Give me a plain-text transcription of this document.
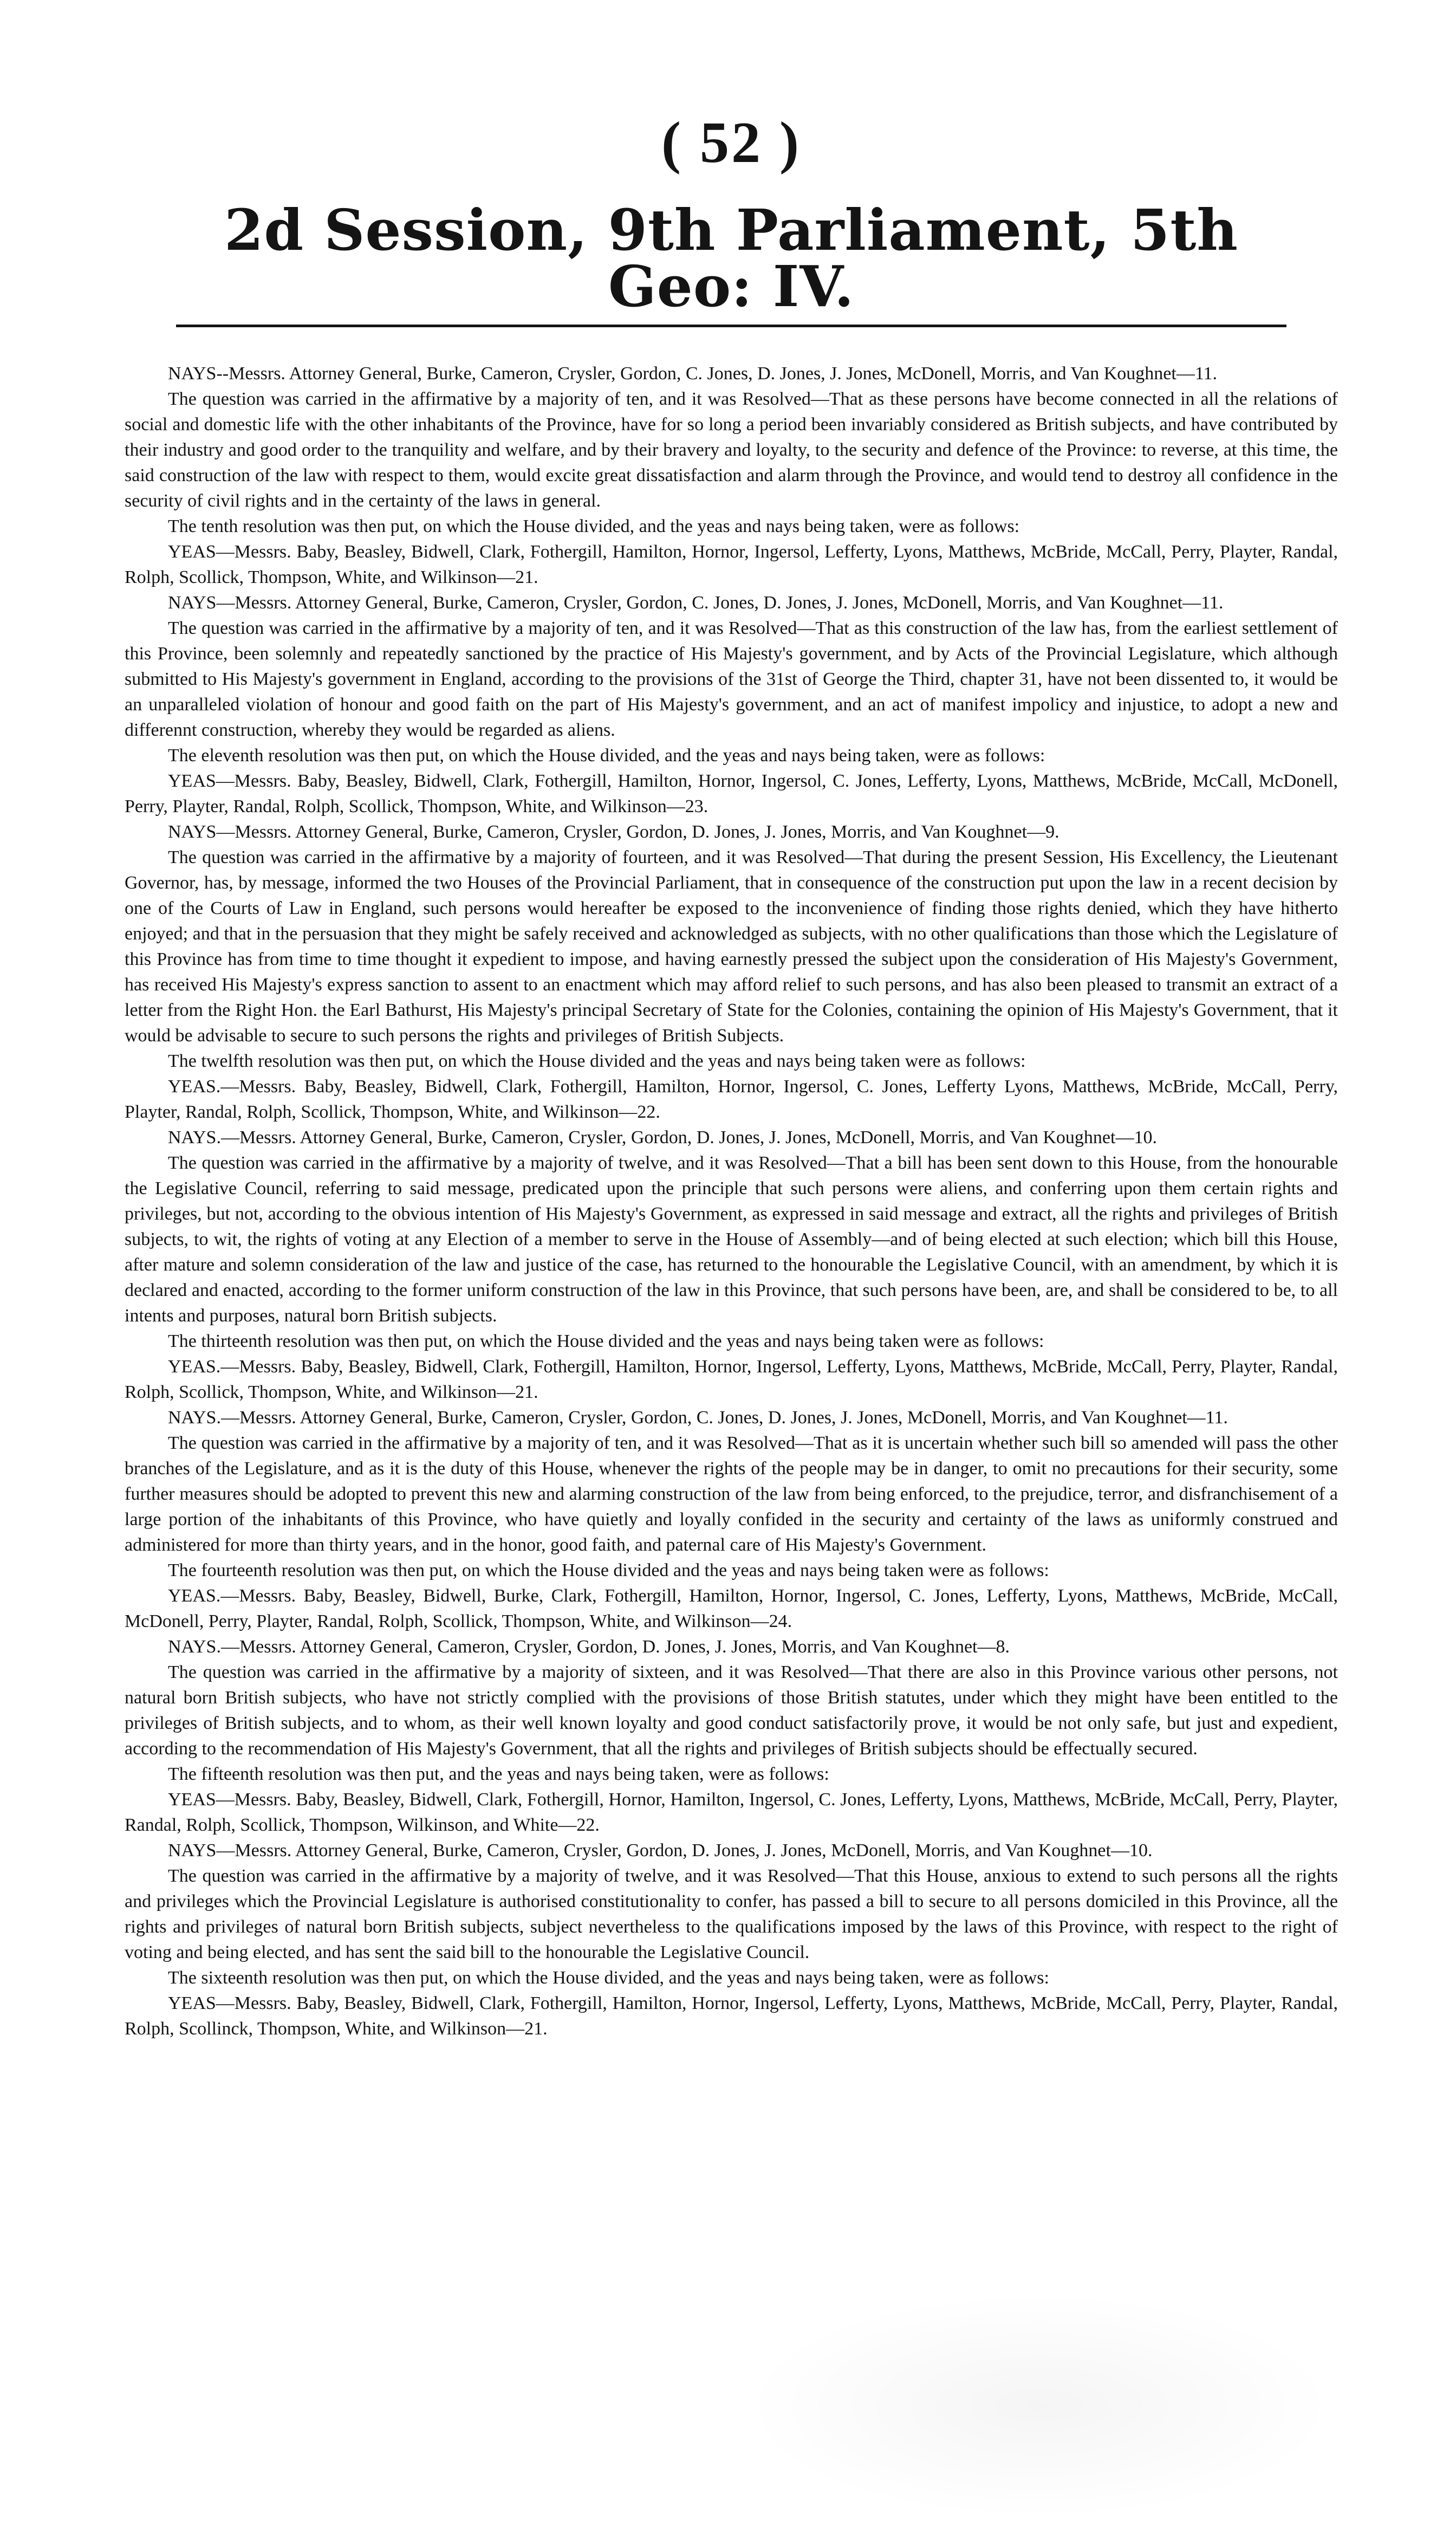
( 52 )
2d Session, 9th Parliament, 5th Geo: IV.

NAYS--Messrs. Attorney General, Burke, Cameron, Crysler, Gordon, C. Jones, D. Jones, J. Jones, McDonell, Morris, and Van Koughnet—11.

The question was carried in the affirmative by a majority of ten, and it was Resolved—That as these persons have become connected in all the relations of social and domestic life with the other inhabitants of the Province, have for so long a period been invariably considered as British subjects, and have contributed by their industry and good order to the tranquility and welfare, and by their bravery and loyalty, to the security and defence of the Province: to reverse, at this time, the said construction of the law with respect to them, would excite great dissatisfaction and alarm through the Province, and would tend to destroy all confidence in the security of civil rights and in the certainty of the laws in general.

The tenth resolution was then put, on which the House divided, and the yeas and nays being taken, were as follows:

YEAS—Messrs. Baby, Beasley, Bidwell, Clark, Fothergill, Hamilton, Hornor, Ingersol, Lefferty, Lyons, Matthews, McBride, McCall, Perry, Playter, Randal, Rolph, Scollick, Thompson, White, and Wilkinson—21.

NAYS—Messrs. Attorney General, Burke, Cameron, Crysler, Gordon, C. Jones, D. Jones, J. Jones, McDonell, Morris, and Van Koughnet—11.

The question was carried in the affirmative by a majority of ten, and it was Resolved—That as this construction of the law has, from the earliest settlement of this Province, been solemnly and repeatedly sanctioned by the practice of His Majesty's government, and by Acts of the Provincial Legislature, which although submitted to His Majesty's government in England, according to the provisions of the 31st of George the Third, chapter 31, have not been dissented to, it would be an unparalleled violation of honour and good faith on the part of His Majesty's government, and an act of manifest impolicy and injustice, to adopt a new and differennt construction, whereby they would be regarded as aliens.

The eleventh resolution was then put, on which the House divided, and the yeas and nays being taken, were as follows:

YEAS—Messrs. Baby, Beasley, Bidwell, Clark, Fothergill, Hamilton, Hornor, Ingersol, C. Jones, Lefferty, Lyons, Matthews, McBride, McCall, McDonell, Perry, Playter, Randal, Rolph, Scollick, Thompson, White, and Wilkinson—23.

NAYS—Messrs. Attorney General, Burke, Cameron, Crysler, Gordon, D. Jones, J. Jones, Morris, and Van Koughnet—9.

The question was carried in the affirmative by a majority of fourteen, and it was Resolved—That during the present Session, His Excellency, the Lieutenant Governor, has, by message, informed the two Houses of the Provincial Parliament, that in consequence of the construction put upon the law in a recent decision by one of the Courts of Law in England, such persons would hereafter be exposed to the inconvenience of finding those rights denied, which they have hitherto enjoyed; and that in the persuasion that they might be safely received and acknowledged as subjects, with no other qualifications than those which the Legislature of this Province has from time to time thought it expedient to impose, and having earnestly pressed the subject upon the consideration of His Majesty's Government, has received His Majesty's express sanction to assent to an enactment which may afford relief to such persons, and has also been pleased to transmit an extract of a letter from the Right Hon. the Earl Bathurst, His Majesty's principal Secretary of State for the Colonies, containing the opinion of His Majesty's Government, that it would be advisable to secure to such persons the rights and privileges of British Subjects.

The twelfth resolution was then put, on which the House divided and the yeas and nays being taken were as follows:

YEAS.—Messrs. Baby, Beasley, Bidwell, Clark, Fothergill, Hamilton, Hornor, Ingersol, C. Jones, Lefferty Lyons, Matthews, McBride, McCall, Perry, Playter, Randal, Rolph, Scollick, Thompson, White, and Wilkinson—22.

NAYS.—Messrs. Attorney General, Burke, Cameron, Crysler, Gordon, D. Jones, J. Jones, McDonell, Morris, and Van Koughnet—10.

The question was carried in the affirmative by a majority of twelve, and it was Resolved—That a bill has been sent down to this House, from the honourable the Legislative Council, referring to said message, predicated upon the principle that such persons were aliens, and conferring upon them certain rights and privileges, but not, according to the obvious intention of His Majesty's Government, as expressed in said message and extract, all the rights and privileges of British subjects, to wit, the rights of voting at any Election of a member to serve in the House of Assembly—and of being elected at such election; which bill this House, after mature and solemn consideration of the law and justice of the case, has returned to the honourable the Legislative Council, with an amendment, by which it is declared and enacted, according to the former uniform construction of the law in this Province, that such persons have been, are, and shall be considered to be, to all intents and purposes, natural born British subjects.

The thirteenth resolution was then put, on which the House divided and the yeas and nays being taken were as follows:

YEAS.—Messrs. Baby, Beasley, Bidwell, Clark, Fothergill, Hamilton, Hornor, Ingersol, Lefferty, Lyons, Matthews, McBride, McCall, Perry, Playter, Randal, Rolph, Scollick, Thompson, White, and Wilkinson—21.

NAYS.—Messrs. Attorney General, Burke, Cameron, Crysler, Gordon, C. Jones, D. Jones, J. Jones, McDonell, Morris, and Van Koughnet—11.

The question was carried in the affirmative by a majority of ten, and it was Resolved—That as it is uncertain whether such bill so amended will pass the other branches of the Legislature, and as it is the duty of this House, whenever the rights of the people may be in danger, to omit no precautions for their security, some further measures should be adopted to prevent this new and alarming construction of the law from being enforced, to the prejudice, terror, and disfranchisement of a large portion of the inhabitants of this Province, who have quietly and loyally confided in the security and certainty of the laws as uniformly construed and administered for more than thirty years, and in the honor, good faith, and paternal care of His Majesty's Government.

The fourteenth resolution was then put, on which the House divided and the yeas and nays being taken were as follows:

YEAS.—Messrs. Baby, Beasley, Bidwell, Burke, Clark, Fothergill, Hamilton, Hornor, Ingersol, C. Jones, Lefferty, Lyons, Matthews, McBride, McCall, McDonell, Perry, Playter, Randal, Rolph, Scollick, Thompson, White, and Wilkinson—24.

NAYS.—Messrs. Attorney General, Cameron, Crysler, Gordon, D. Jones, J. Jones, Morris, and Van Koughnet—8.

The question was carried in the affirmative by a majority of sixteen, and it was Resolved—That there are also in this Province various other persons, not natural born British subjects, who have not strictly complied with the provisions of those British statutes, under which they might have been entitled to the privileges of British subjects, and to whom, as their well known loyalty and good conduct satisfactorily prove, it would be not only safe, but just and expedient, according to the recommendation of His Majesty's Government, that all the rights and privileges of British subjects should be effectually secured.

The fifteenth resolution was then put, and the yeas and nays being taken, were as follows:

YEAS—Messrs. Baby, Beasley, Bidwell, Clark, Fothergill, Hornor, Hamilton, Ingersol, C. Jones, Lefferty, Lyons, Matthews, McBride, McCall, Perry, Playter, Randal, Rolph, Scollick, Thompson, Wilkinson, and White—22.

NAYS—Messrs. Attorney General, Burke, Cameron, Crysler, Gordon, D. Jones, J. Jones, McDonell, Morris, and Van Koughnet—10.

The question was carried in the affirmative by a majority of twelve, and it was Resolved—That this House, anxious to extend to such persons all the rights and privileges which the Provincial Legislature is authorised constitutionality to confer, has passed a bill to secure to all persons domiciled in this Province, all the rights and privileges of natural born British subjects, subject nevertheless to the qualifications imposed by the laws of this Province, with respect to the right of voting and being elected, and has sent the said bill to the honourable the Legislative Council.

The sixteenth resolution was then put, on which the House divided, and the yeas and nays being taken, were as follows:

YEAS—Messrs. Baby, Beasley, Bidwell, Clark, Fothergill, Hamilton, Hornor, Ingersol, Lefferty, Lyons, Matthews, McBride, McCall, Perry, Playter, Randal, Rolph, Scollinck, Thompson, White, and Wilkinson—21.
